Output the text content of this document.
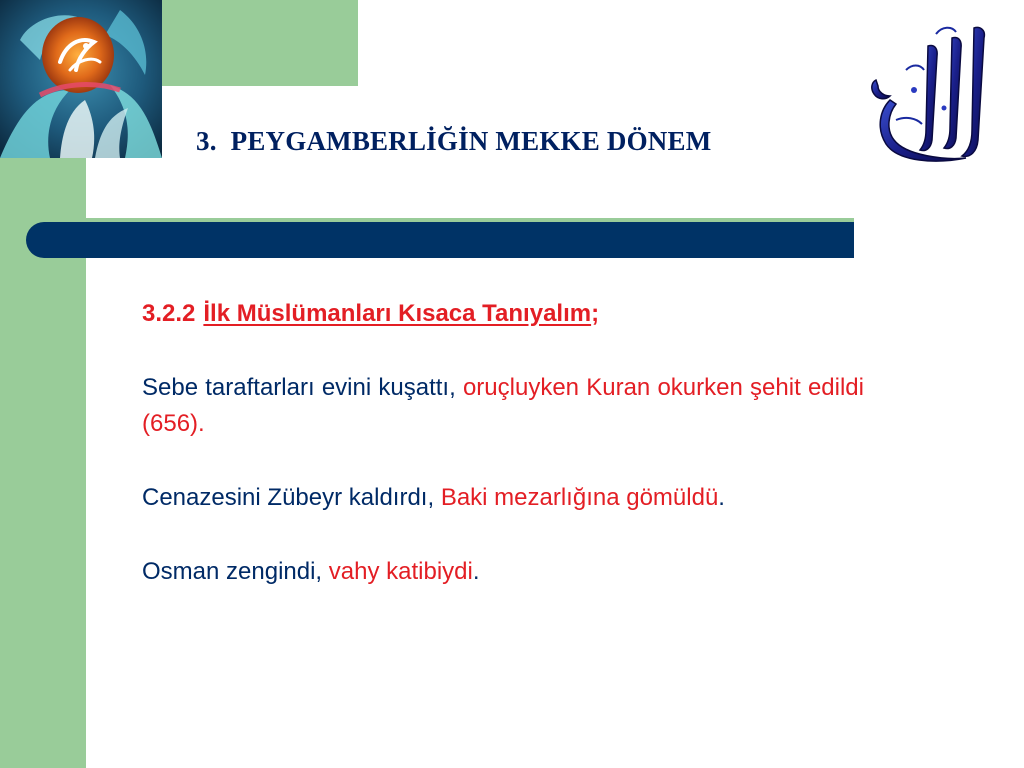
3. PEYGAMBERLİĞİN MEKKE DÖNEM

3.2.2 İlk Müslümanları Kısaca Tanıyalım;

Sebe taraftarları evini kuşattı, oruçluyken Kuran okurken şehit edildi (656).

Cenazesini Zübeyr kaldırdı, Baki mezarlığına gömüldü.

Osman zengindi, vahy katibiydi.
